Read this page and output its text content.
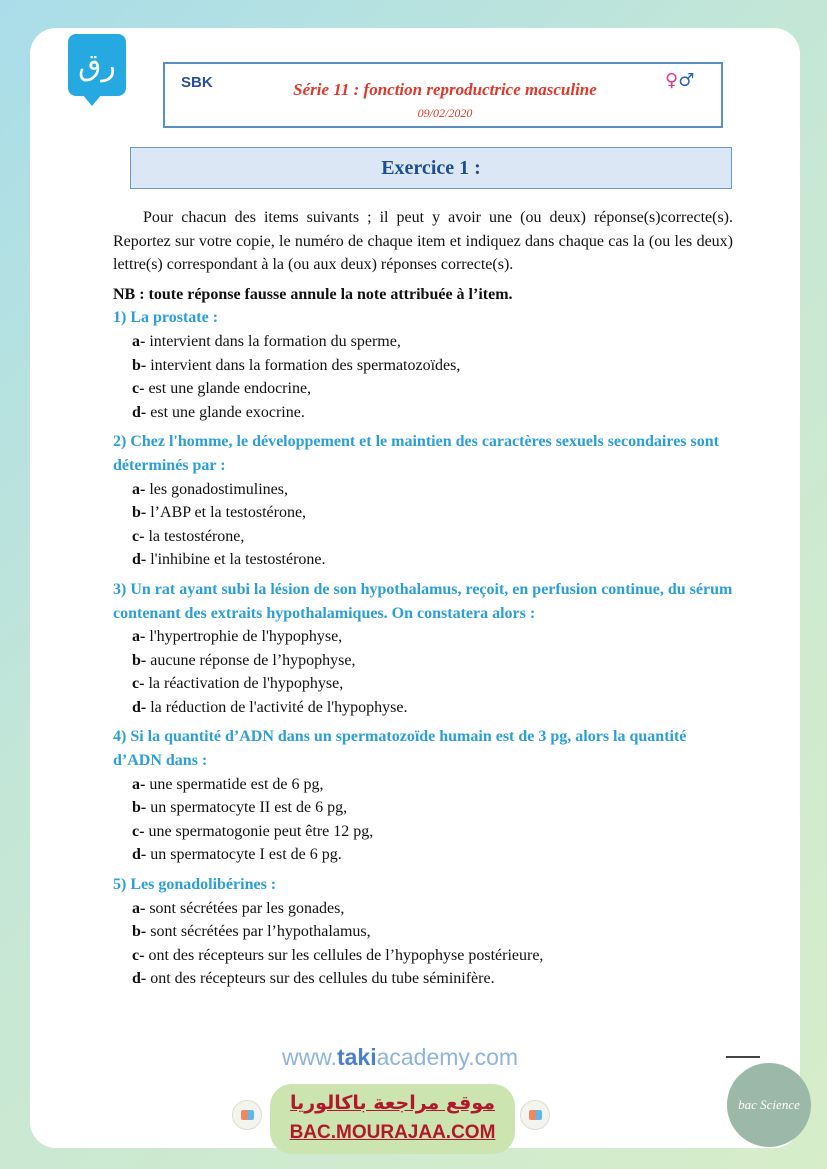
رق	SBK	Série 11 : fonction reproductrice masculine
09/02/2020
♀♂
Exercice 1 :

Pour chacun des items suivants ; il peut y avoir une (ou deux) réponse(s)correcte(s). Reportez sur votre copie, le numéro de chaque item et indiquez dans chaque cas la (ou les deux) lettre(s) correspondant à la (ou aux deux) réponses correcte(s).

NB : toute réponse fausse annule la note attribuée à l’item.

1) La prostate :
a- intervient dans la formation du sperme,
b- intervient dans la formation des spermatozoïdes,
c- est une glande endocrine,
d- est une glande exocrine.
2) Chez l'homme, le développement et le maintien des caractères sexuels secondaires sont déterminés par :
a- les gonadostimulines,
b- l’ABP et la testostérone,
c- la testostérone,
d- l'inhibine et la testostérone.
3) Un rat ayant subi la lésion de son hypothalamus, reçoit, en perfusion continue, du sérum contenant des extraits hypothalamiques. On constatera alors :
a- l'hypertrophie de l'hypophyse,
b- aucune réponse de l’hypophyse,
c- la réactivation de l'hypophyse,
d- la réduction de l'activité de l'hypophyse.
4) Si la quantité d’ADN dans un spermatozoïde humain est de 3 pg, alors la quantité d’ADN dans :
a- une spermatide est de 6 pg,
b- un spermatocyte II est de 6 pg,
c- une spermatogonie peut être 12 pg,
d- un spermatocyte I est de 6 pg.
5) Les gonadolibérines :
a- sont sécrétées par les gonades,
b- sont sécrétées par l’hypothalamus,
c- ont des récepteurs sur les cellules de l’hypophyse postérieure,
d- ont des récepteurs sur des cellules du tube séminifère.
www.takiacademy.com
موقع مراجعة باكالوريا
BAC.MOURAJAA.COM
bac Science
